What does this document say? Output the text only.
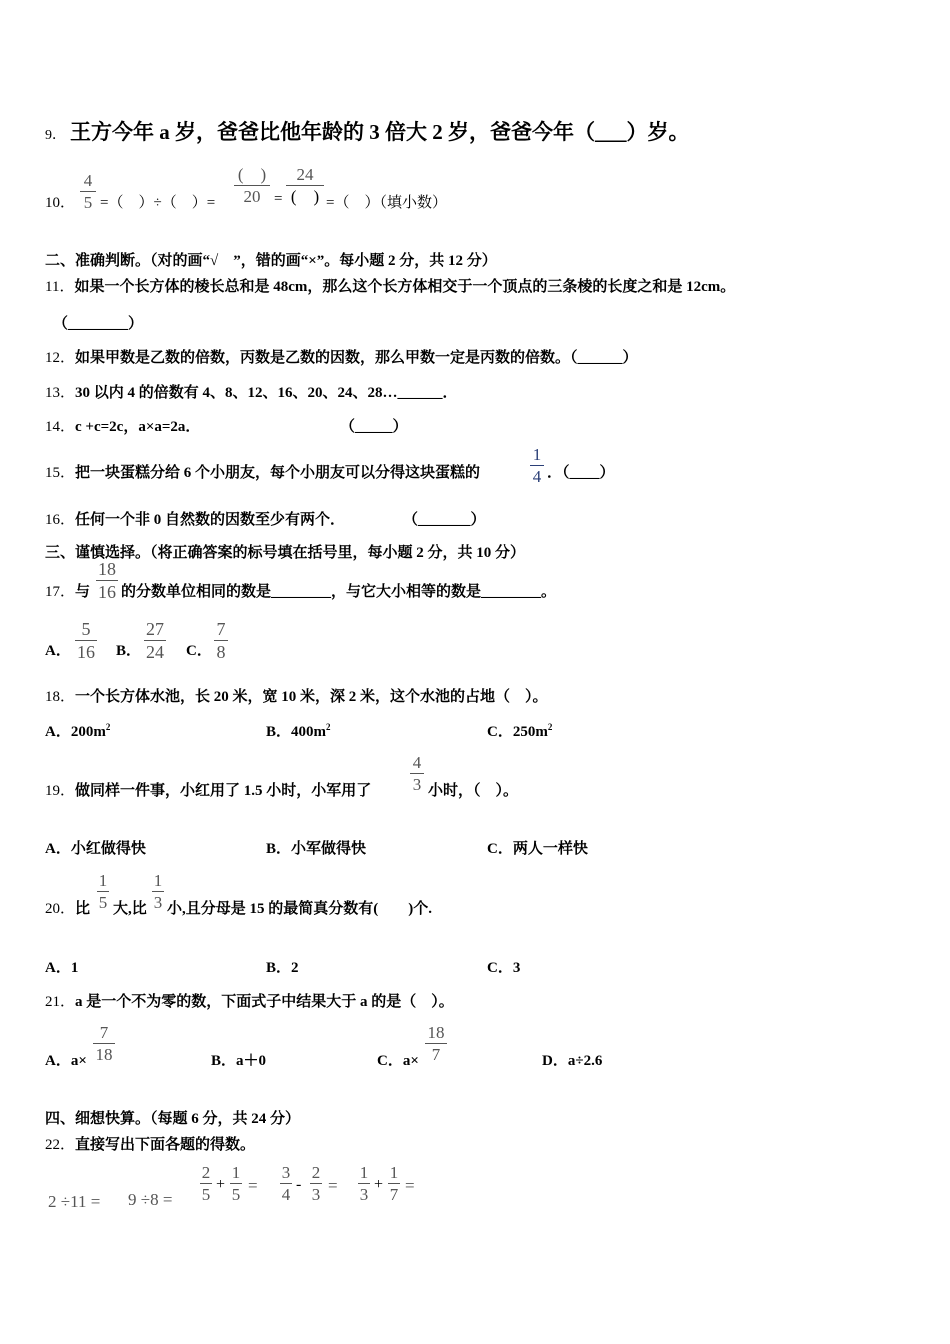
9． 王方今年 a 岁，爸爸比他年龄的 3 倍大 2 岁，爸爸今年（___）岁。
10．
4
5 =（　）÷（　）=
(　)
20 =
24
(　) =（　）（填小数）
二、准确判断。（对的画“√　”，错的画“×”。每小题 2 分，共 12 分）
11．如果一个长方体的棱长总和是 48cm，那么这个长方体相交于一个顶点的三条棱的长度之和是 12cm。
（________）
12．如果甲数是乙数的倍数，丙数是乙数的因数，那么甲数一定是丙数的倍数。（______）
13．30 以内 4 的倍数有 4、8、12、16、20、24、28…______．
14．c +c=2c，a×a=2a．	（_____）
15．把一块蛋糕分给 6 个小朋友，每个小朋友可以分得这块蛋糕的
1
4 ．（____）
16．任何一个非 0 自然数的因数至少有两个．	（_______）
三、谨慎选择。（将正确答案的标号填在括号里，每小题 2 分，共 10 分）
17．与
18
16 的分数单位相同的数是________，与它大小相等的数是________。
A．
5
16 B．
27
24 C．
7
8
18．一个长方体水池，长 20 米，宽 10 米，深 2 米，这个水池的占地（　）。
A．$200m^2$	B．$400m^2$	C．$250m^2$
19．做同样一件事，小红用了 1.5 小时，小军用了
4
3 小时，（　）。
A．小红做得快	B．小军做得快	C．两人一样快
20．比
1
5 大,比
1
3 小,且分母是 15 的最简真分数有(　　)个.
A．1	B．2	C．3
21．a 是一个不为零的数，下面式子中结果大于 a 的是（　）。
A．a×
7
18	B．a＋0	C．a×
18
7	D．a÷2.6
四、细想快算。（每题 6 分，共 24 分）
22．直接写出下面各题的得数。
2 ÷11 = 9 ÷8 =
2
5
+
1
5 =
3
4
-
2
3 =
1
3
+
1
7 =
